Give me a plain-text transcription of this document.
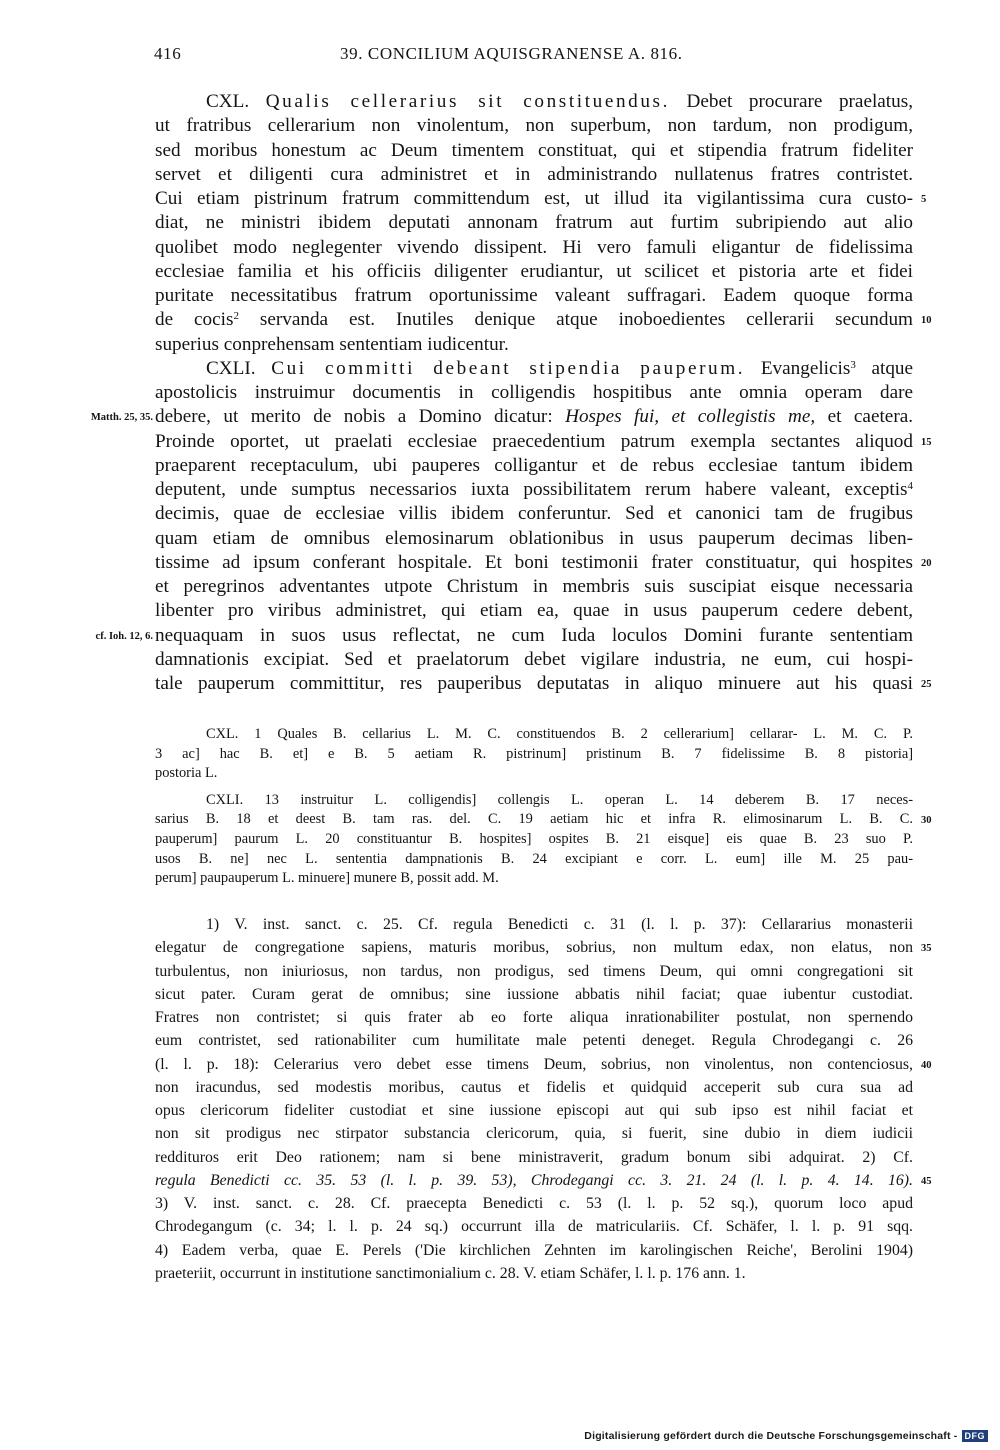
416	39. CONCILIUM AQUISGRANENSE A. 816.
CXL. Qualis cellerarius sit constituendus. Debet procurare praelatus,
ut fratribus cellerarium non vinolentum, non superbum, non tardum, non prodigum,
sed moribus honestum ac Deum timentem constituat, qui et stipendia fratrum fideliter
servet et diligenti cura administret et in administrando nullatenus fratres contristet.
Cui etiam pistrinum fratrum committendum est, ut illud ita vigilantissima cura custo- 5
diat, ne ministri ibidem deputati annonam fratrum aut furtim subripiendo aut alio
quolibet modo neglegenter vivendo dissipent. Hi vero famuli eligantur de fidelissima
ecclesiae familia et his officiis diligenter erudiantur, ut scilicet et pistoria arte et fidei
puritate necessitatibus fratrum oportunissime valeant suffragari. Eadem quoque forma
de cocis$^2$ servanda est. Inutiles denique atque inoboedientes cellerarii secundum 10
superius conprehensam sententiam iudicentur.
CXLI. Cui committi debeant stipendia pauperum. Evangelicis$^3$ atque
apostolicis instruimur documentis in colligendis hospitibus ante omnia operam dare
Matth. 25, 35. debere, ut merito de nobis a Domino dicatur: Hospes fui, et collegistis me, et caetera.
Proinde oportet, ut praelati ecclesiae praecedentium patrum exempla sectantes aliquod 15
praeparent receptaculum, ubi pauperes colligantur et de rebus ecclesiae tantum ibidem
deputent, unde sumptus necessarios iuxta possibilitatem rerum habere valeant, exceptis$^4$
decimis, quae de ecclesiae villis ibidem conferuntur. Sed et canonici tam de frugibus
quam etiam de omnibus elemosinarum oblationibus in usus pauperum decimas liben-
tissime ad ipsum conferant hospitale. Et boni testimonii frater constituatur, qui hospites 20
et peregrinos adventantes utpote Christum in membris suis suscipiat eisque necessaria
libenter pro viribus administret, qui etiam ea, quae in usus pauperum cedere debent,
cf. Ioh. 12, 6. nequaquam in suos usus reflectat, ne cum Iuda loculos Domini furante sententiam
damnationis excipiat. Sed et praelatorum debet vigilare industria, ne eum, cui hospi-
tale pauperum committitur, res pauperibus deputatas in aliquo minuere aut his quasi 25
CXL. 1 Quales B. cellarius L. M. C. constituendos B. 2 cellerarium] cellarar- L. M. C. P.
3 ac] hac B. et] e B. 5 aetiam R. pistrinum] pristinum B. 7 fidelissime B. 8 pistoria]
postoria L.
CXLI. 13 instruitur L. colligendis] collengis L. operan L. 14 deberem B. 17 neces-
sarius B. 18 et deest B. tam ras. del. C. 19 aetiam hic et infra R. elimosinarum L. B. C. 30
pauperum] paurum L. 20 constituantur B. hospites] ospites B. 21 eisque] eis quae B. 23 suo P.
usos B. ne] nec L. sententia dampnationis B. 24 excipiant e corr. L. eum] ille M. 25 pau-
perum] paupauperum L. minuere] munere B, possit add. M.
1) V. inst. sanct. c. 25. Cf. regula Benedicti c. 31 (l. l. p. 37): Cellararius monasterii
elegatur de congregatione sapiens, maturis moribus, sobrius, non multum edax, non elatus, non 35
turbulentus, non iniuriosus, non tardus, non prodigus, sed timens Deum, qui omni congregationi sit
sicut pater. Curam gerat de omnibus; sine iussione abbatis nihil faciat; quae iubentur custodiat.
Fratres non contristet; si quis frater ab eo forte aliqua inrationabiliter postulat, non spernendo
eum contristet, sed rationabiliter cum humilitate male petenti deneget. Regula Chrodegangi c. 26
(l. l. p. 18): Celerarius vero debet esse timens Deum, sobrius, non vinolentus, non contenciosus, 40
non iracundus, sed modestis moribus, cautus et fidelis et quidquid acceperit sub cura sua ad
opus clericorum fideliter custodiat et sine iussione episcopi aut qui sub ipso est nihil faciat et
non sit prodigus nec stirpator substancia clericorum, quia, si fuerit, sine dubio in diem iudicii
reddituros erit Deo rationem; nam si bene ministraverit, gradum bonum sibi adquirat. 2) Cf.
regula Benedicti cc. 35. 53 (l. l. p. 39. 53), Chrodegangi cc. 3. 21. 24 (l. l. p. 4. 14. 16). 45
3) V. inst. sanct. c. 28. Cf. praecepta Benedicti c. 53 (l. l. p. 52 sq.), quorum loco apud
Chrodegangum (c. 34; l. l. p. 24 sq.) occurrunt illa de matriculariis. Cf. Schäfer, l. l. p. 91 sqq.
4) Eadem verba, quae E. Perels ('Die kirchlichen Zehnten im karolingischen Reiche', Berolini 1904)
praeteriit, occurrunt in institutione sanctimonialium c. 28. V. etiam Schäfer, l. l. p. 176 ann. 1.
Digitalisierung gefördert durch die Deutsche Forschungsgemeinschaft - DFG
